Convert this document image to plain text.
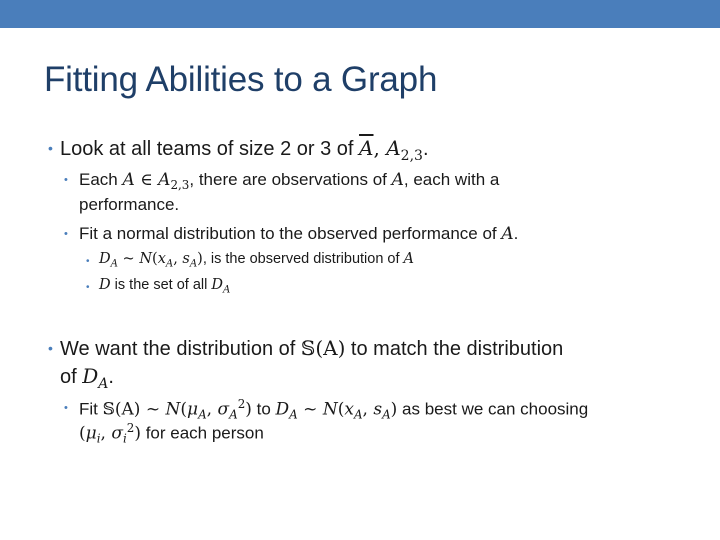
Fitting Abilities to a Graph
• Look at all teams of size 2 or 3 of $\overline{A}$, $A_{2,3}$.
• Each A ∈ $A_{2,3}$, there are observations of A, each with a
performance.
• Fit a normal distribution to the observed performance of A.
• $D_A$ ~ $N(x_A$, $s_A$), is the observed distribution of A
• D is the set of all $D_A$
• We want the distribution of 𝕊(A) to match the distribution
of $D_A$.
• Fit 𝕊(A) ~ $N(\mu_A$, $\sigma_A^2$) to $D_A$ ~ $N(x_A$, $s_A$) as best we can choosing
($\mu_i$, $\sigma_i^2$) for each person
